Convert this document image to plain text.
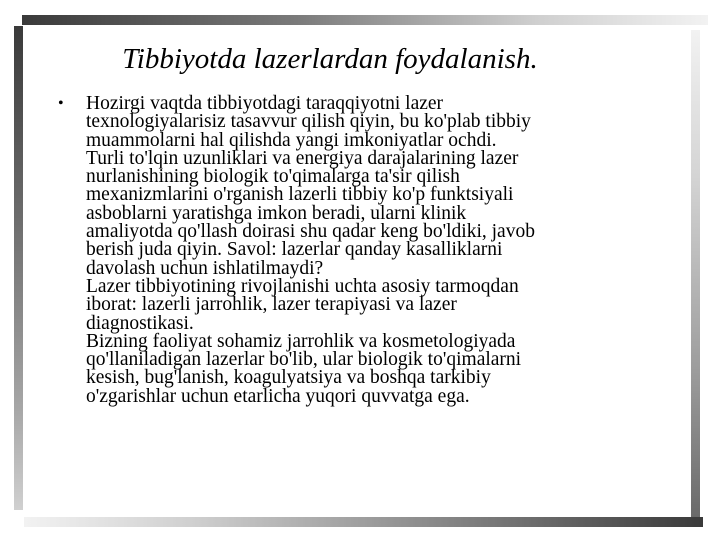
Tibbiyotda lazerlardan foydalanish.
•	Hozirgi vaqtda tibbiyotdagi taraqqiyotni lazer
texnologiyalarisiz tasavvur qilish qiyin, bu ko'plab tibbiy
muammolarni hal qilishda yangi imkoniyatlar ochdi.

Turli to'lqin uzunliklari va energiya darajalarining lazer
nurlanishining biologik to'qimalarga ta'sir qilish
mexanizmlarini o'rganish lazerli tibbiy ko'p funktsiyali
asboblarni yaratishga imkon beradi, ularni klinik
amaliyotda qo'llash doirasi shu qadar keng bo'ldiki, javob
berish juda qiyin. Savol: lazerlar qanday kasalliklarni
davolash uchun ishlatilmaydi?

Lazer tibbiyotining rivojlanishi uchta asosiy tarmoqdan
iborat: lazerli jarrohlik, lazer terapiyasi va lazer
diagnostikasi.

Bizning faoliyat sohamiz jarrohlik va kosmetologiyada
qo'llaniladigan lazerlar bo'lib, ular biologik to'qimalarni
kesish, bug'lanish, koagulyatsiya va boshqa tarkibiy
o'zgarishlar uchun etarlicha yuqori quvvatga ega.
